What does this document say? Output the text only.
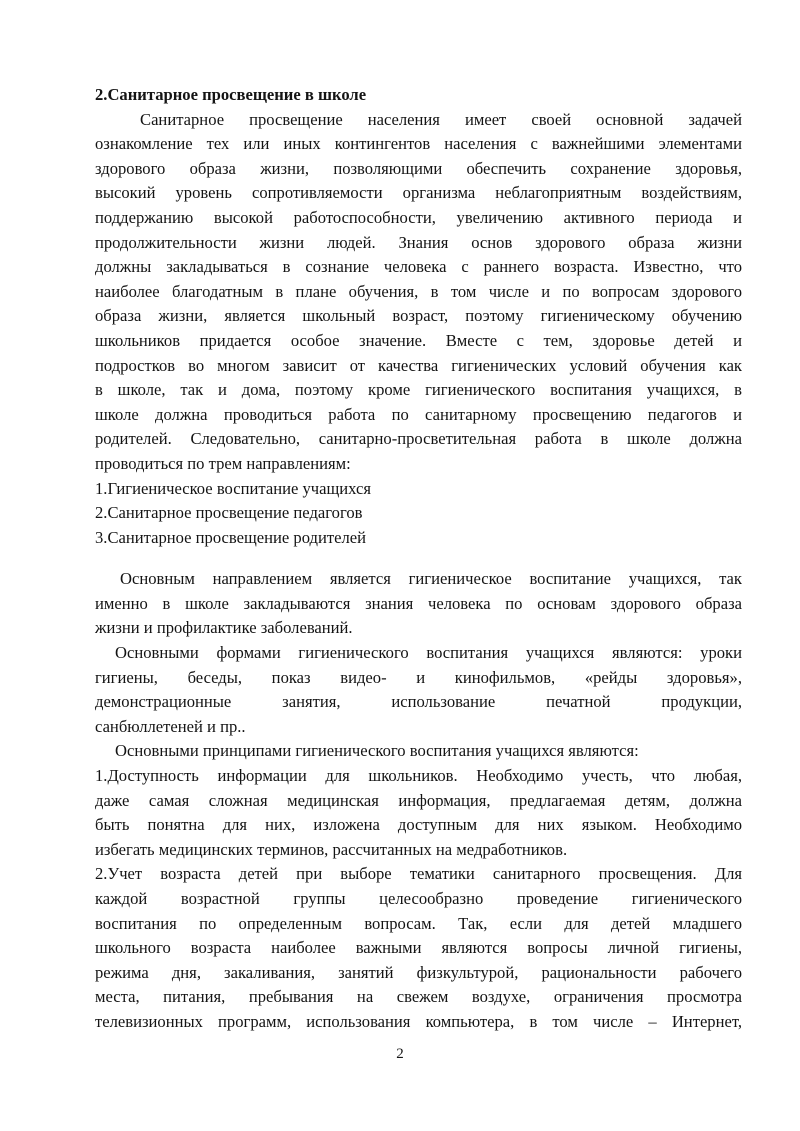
2.Санитарное просвещение в школе

Санитарное просвещение населения имеет своей основной задачей

ознакомление тех или иных контингентов населения с важнейшими элементами

здорового образа жизни, позволяющими обеспечить сохранение здоровья,

высокий уровень сопротивляемости организма неблагоприятным воздействиям,

поддержанию высокой работоспособности, увеличению активного периода и

продолжительности жизни людей. Знания основ здорового образа жизни

должны закладываться в сознание человека с раннего возраста. Известно, что

наиболее благодатным в плане обучения, в том числе и по вопросам здорового

образа жизни, является школьный возраст, поэтому гигиеническому обучению

школьников придается особое значение. Вместе с тем, здоровье детей и

подростков во многом зависит от качества гигиенических условий обучения как

в школе, так и дома, поэтому кроме гигиенического воспитания учащихся, в

школе должна проводиться работа по санитарному просвещению педагогов и

родителей. Следовательно, санитарно-просветительная работа в школе должна

проводиться по трем направлениям:

1.Гигиеническое воспитание учащихся

2.Санитарное просвещение педагогов

3.Санитарное просвещение родителей

Основным направлением является гигиеническое воспитание учащихся, так

именно в школе закладываются знания человека по основам здорового образа

жизни и профилактике заболеваний.

Основными формами гигиенического воспитания учащихся являются: уроки

гигиены, беседы, показ видео- и кинофильмов, «рейды здоровья»,

демонстрационные занятия, использование печатной продукции,

санбюллетеней и пр..

Основными принципами гигиенического воспитания учащихся являются:

1.Доступность информации для школьников. Необходимо учесть, что любая,

даже самая сложная медицинская информация, предлагаемая детям, должна

быть понятна для них, изложена доступным для них языком. Необходимо

избегать медицинских терминов, рассчитанных на медработников.

2.Учет возраста детей при выборе тематики санитарного просвещения. Для

каждой возрастной группы целесообразно проведение гигиенического

воспитания по определенным вопросам. Так, если для детей младшего

школьного возраста наиболее важными являются вопросы личной гигиены,

режима дня, закаливания, занятий физкультурой, рациональности рабочего

места, питания, пребывания на свежем воздухе, ограничения просмотра

телевизионных программ, использования компьютера, в том числе – Интернет,

2
